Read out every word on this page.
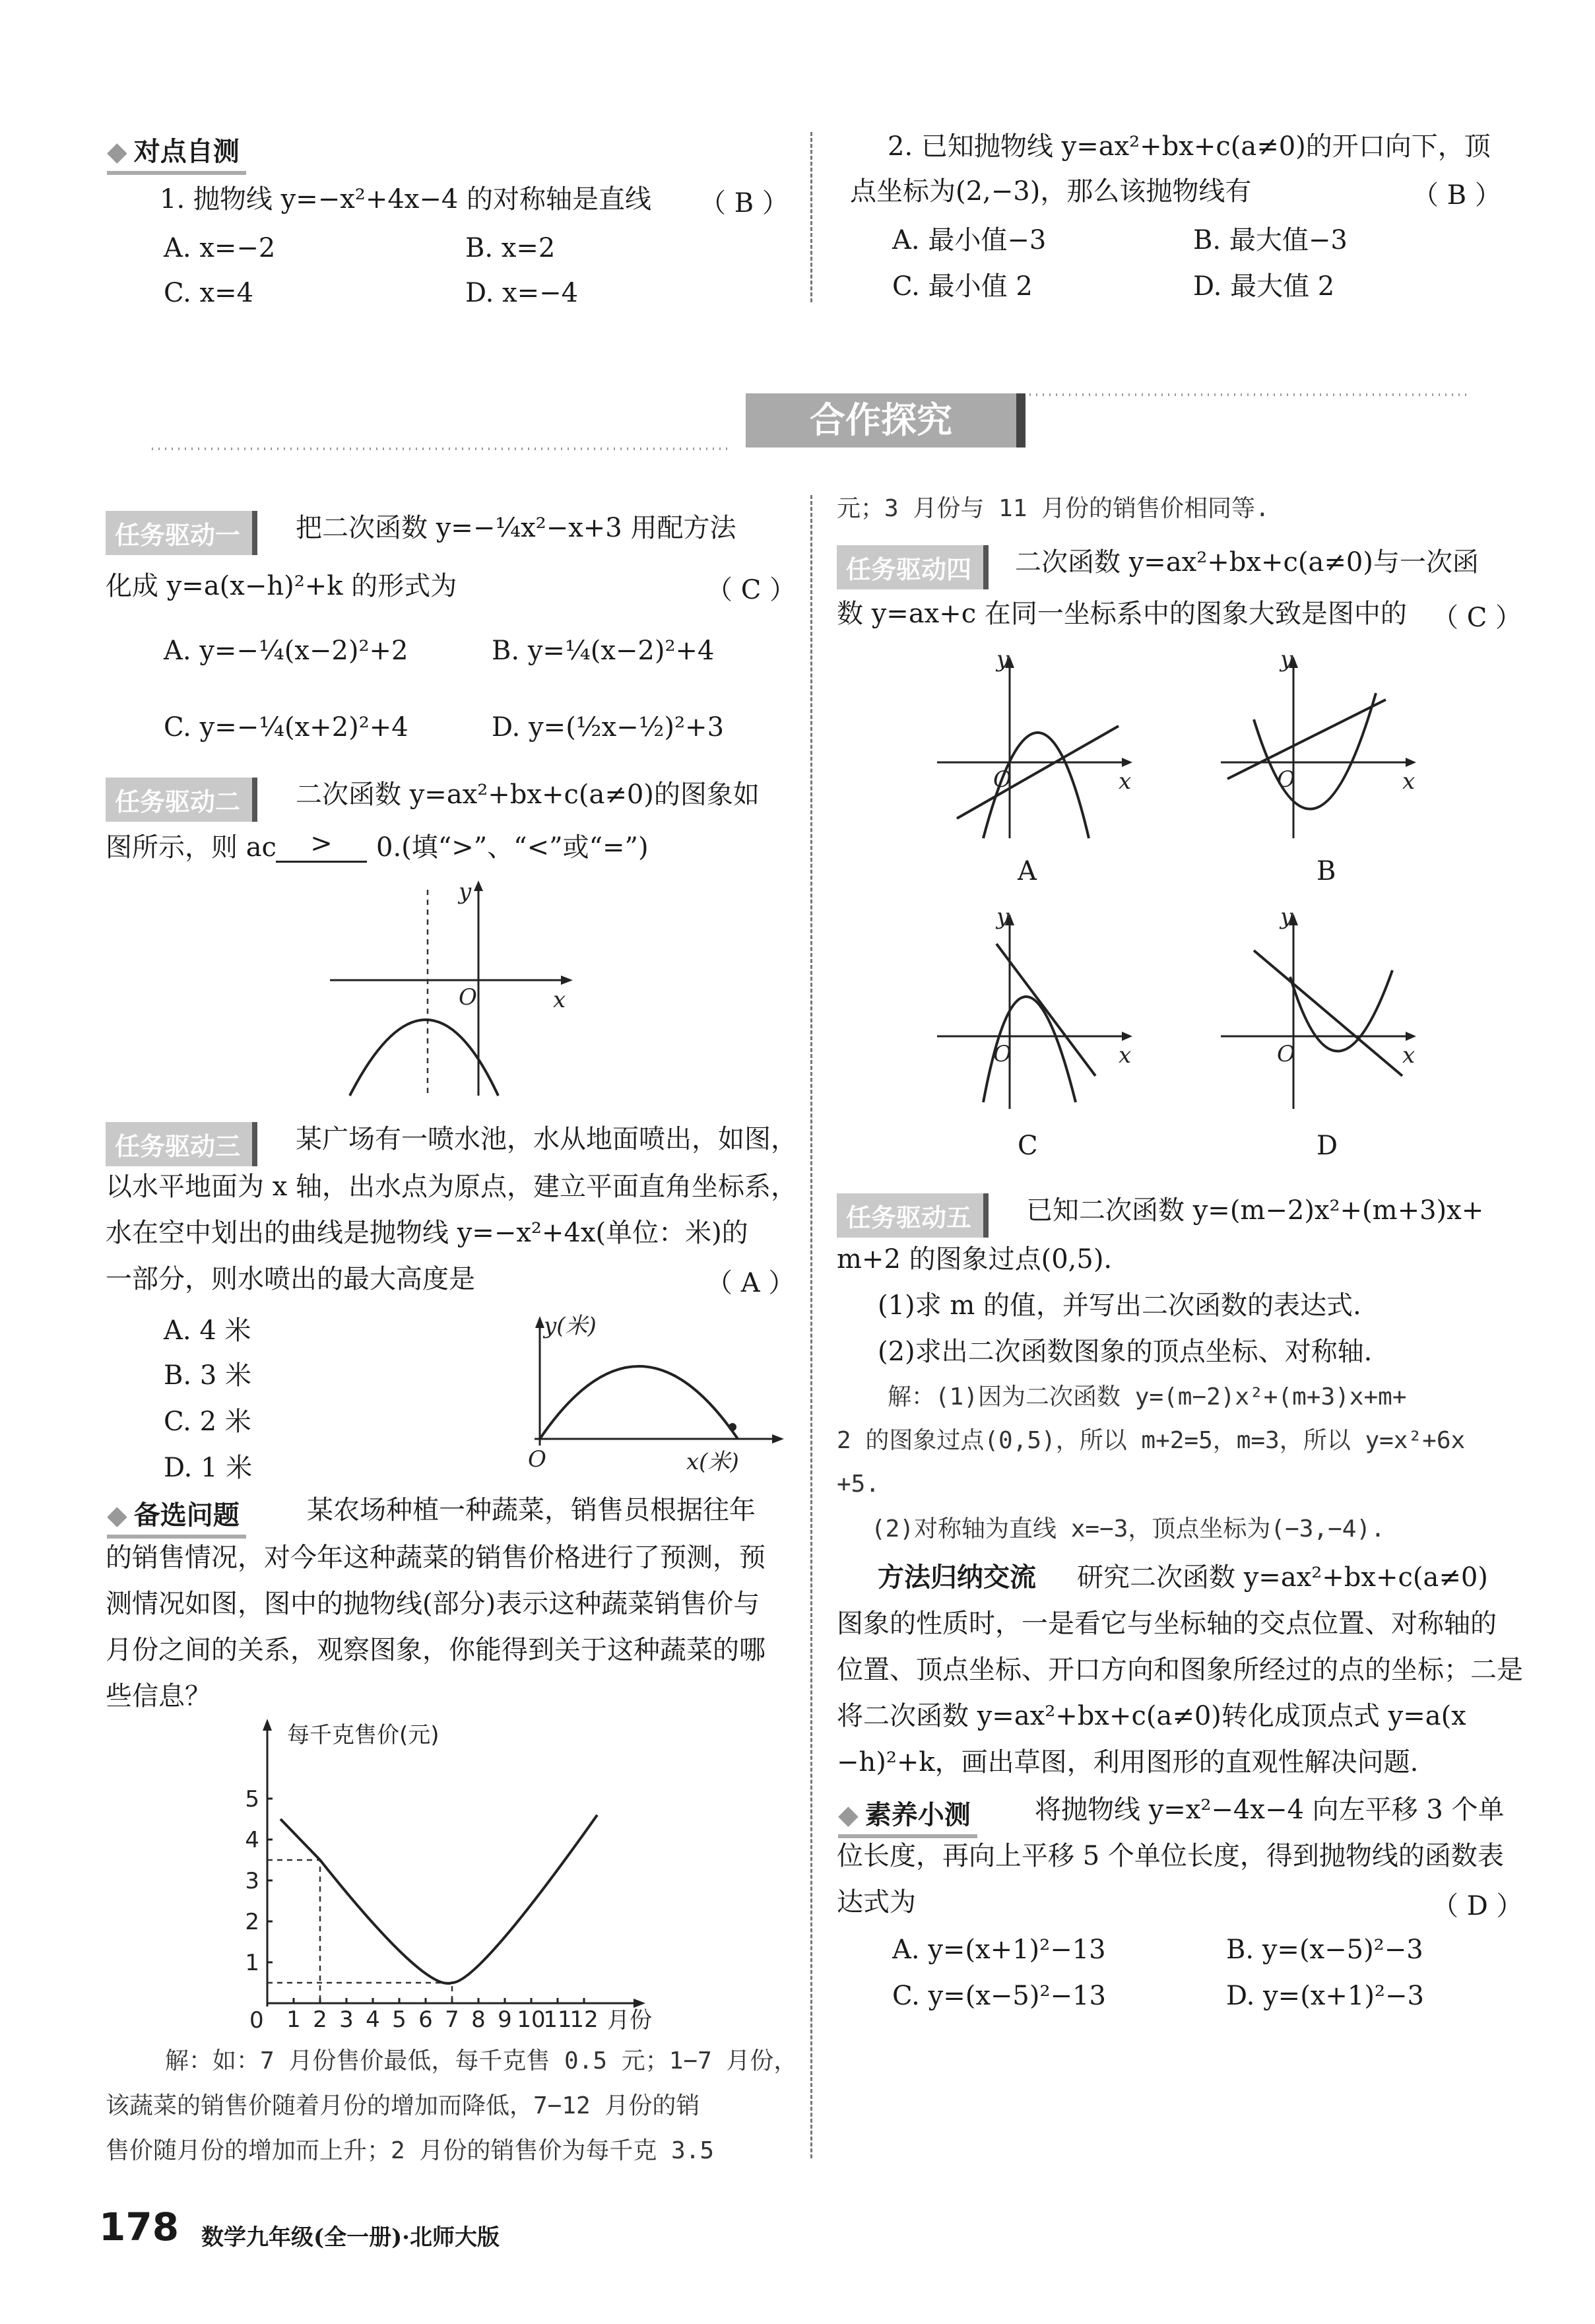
◆ 对点自测
1. 抛物线 y=−x²+4x−4 的对称轴是直线 （ B ）
A. x=−2	B. x=2
C. x=4	D. x=−4
2. 已知抛物线 y=ax²+bx+c(a≠0)的开口向下，顶
点坐标为(2,−3)，那么该抛物线有	（ B ）
A. 最小值−3	B. 最大值−3
C. 最小值 2	D. 最大值 2
合作探究
任务驱动一	把二次函数 y=−¼x²−x+3 用配方法
化成 y=a(x−h)²+k 的形式为	（ C ）
A. y=−¼(x−2)²+2	B. y=¼(x−2)²+4
C. y=−¼(x+2)²+4	D. y=(½x−½)²+3
任务驱动二	二次函数 y=ax²+bx+c(a≠0)的图象如
图所示，则 ac	>	0.(填“>”、“<”或“=”)
O	x
y
任务驱动三	某广场有一喷水池，水从地面喷出，如图，
以水平地面为 x 轴，出水点为原点，建立平面直角坐标系，
水在空中划出的曲线是抛物线 y=−x²+4x(单位：米)的
一部分，则水喷出的最大高度是	（ A ）
A. 4 米
B. 3 米
C. 2 米
D. 1 米	O	x(米)
y(米)
◆ 备选问题	某农场种植一种蔬菜，销售员根据往年
的销售情况，对今年这种蔬菜的销售价格进行了预测，预
测情况如图，图中的抛物线(部分)表示这种蔬菜销售价与
月份之间的关系，观察图象，你能得到关于这种蔬菜的哪
些信息？
每千克售价(元)
月份
0 1 2 3 4 5 6 7 8 9 10
11
12
1
2
3
4
5
解：如：7 月份售价最低，每千克售 0.5 元；1−7 月份，
该蔬菜的销售价随着月份的增加而降低，7−12 月份的销
售价随月份的增加而上升；2 月份的销售价为每千克 3.5
元；3 月份与 11 月份的销售价相同等.
任务驱动四	二次函数 y=ax²+bx+c(a≠0)与一次函
数 y=ax+c 在同一坐标系中的图象大致是图中的 （ C ）
O	x
y
A
O	x
y
B
O	x
y
C
O	x
y
D
任务驱动五	已知二次函数 y=(m−2)x²+(m+3)x+
m+2 的图象过点(0,5).
(1)求 m 的值，并写出二次函数的表达式.
(2)求出二次函数图象的顶点坐标、对称轴.
解：(1)因为二次函数 y=(m−2)x²+(m+3)x+m+
2 的图象过点(0,5)，所以 m+2=5，m=3，所以 y=x²+6x
+5.
(2)对称轴为直线 x=−3，顶点坐标为(−3,−4).
方法归纳交流 研究二次函数 y=ax²+bx+c(a≠0)
图象的性质时，一是看它与坐标轴的交点位置、对称轴的
位置、顶点坐标、开口方向和图象所经过的点的坐标；二是
将二次函数 y=ax²+bx+c(a≠0)转化成顶点式 y=a(x
−h)²+k，画出草图，利用图形的直观性解决问题.
◆ 素养小测 将抛物线 y=x²−4x−4 向左平移 3 个单
位长度，再向上平移 5 个单位长度，得到抛物线的函数表
达式为	（ D ）
A. y=(x+1)²−13	B. y=(x−5)²−3
C. y=(x−5)²−13	D. y=(x+1)²−3
178 数学九年级(全一册)·北师大版
